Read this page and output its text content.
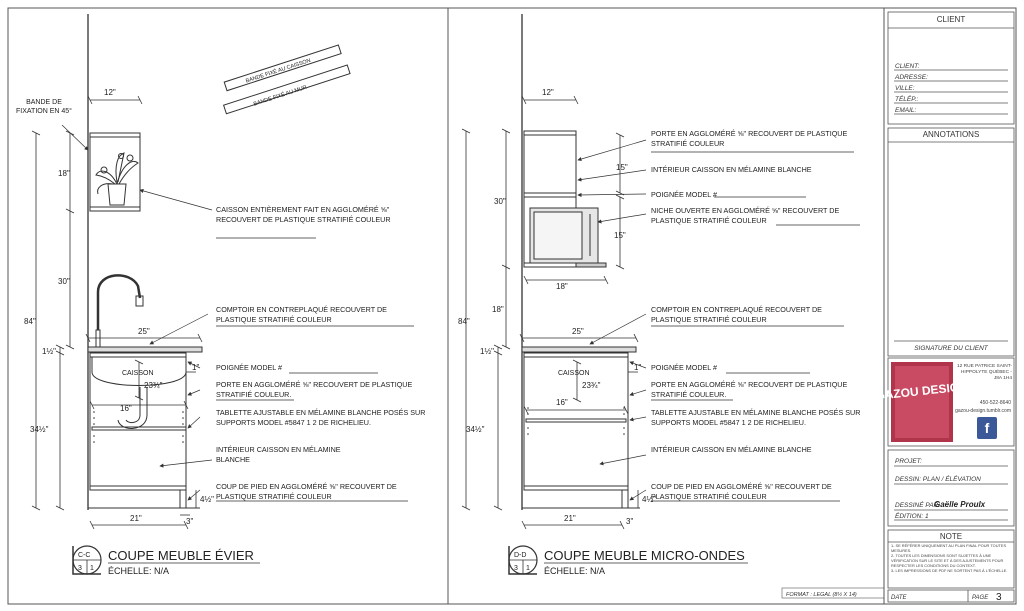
12"
18"
30"
84"
25"
1½"
34½"
23¾"
16"
21"	3"
4½"
1"
CAISSON
BANDE DE FIXATION EN 45°
CAISSON ENTIÈREMENT FAIT EN AGGLOMÉRÉ ⅝" RECOUVERT DE PLASTIQUE STRATIFIÉ COULEUR
COMPTOIR EN CONTREPLAQUÉ RECOUVERT DE PLASTIQUE STRATIFIÉ COULEUR
POIGNÉE MODEL #
PORTE EN AGGLOMÉRÉ ⅝" RECOUVERT DE PLASTIQUE STRATIFIÉ COULEUR.
TABLETTE AJUSTABLE EN MÉLAMINE BLANCHE POSÉS SUR SUPPORTS MODEL #5847 1 2 DE RICHELIEU.
INTÉRIEUR CAISSON EN MÉLAMINE BLANCHE
COUP DE PIED EN AGGLOMÉRÉ ⅝" RECOUVERT DE PLASTIQUE STRATIFIÉ COULEUR
BANDE FIXÉ AU CAISSON
BANDE FIXÉ AU MUR
C-C
3 1
COUPE MEUBLE ÉVIER
ÉCHELLE: N/A
12"
30"
15"
15"
18"
18"
84"
25"
1½"
34½"
23¾"
16"
21"	3"
4½"
1"
CAISSON
PORTE EN AGGLOMÉRÉ ⅝" RECOUVERT DE PLASTIQUE STRATIFIÉ COULEUR
INTÉRIEUR CAISSON EN MÉLAMINE BLANCHE
POIGNÉE MODEL #
NICHE OUVERTE EN AGGLOMÉRÉ ⅝" RECOUVERT DE PLASTIQUE STRATIFIÉ COULEUR
COMPTOIR EN CONTREPLAQUÉ RECOUVERT DE PLASTIQUE STRATIFIÉ COULEUR
POIGNÉE MODEL #
PORTE EN AGGLOMÉRÉ ⅝" RECOUVERT DE PLASTIQUE STRATIFIÉ COULEUR.
TABLETTE AJUSTABLE EN MÉLAMINE BLANCHE POSÉS SUR SUPPORTS MODEL #5847 1 2 DE RICHELIEU.
INTÉRIEUR CAISSON EN MÉLAMINE BLANCHE
COUP DE PIED EN AGGLOMÉRÉ ⅝" RECOUVERT DE PLASTIQUE STRATIFIÉ COULEUR
D-D
3 1
COUPE MEUBLE MICRO-ONDES
ÉCHELLE: N/A
FORMAT : LEGAL (8½ X 14)
CLIENT
CLIENT:
ADRESSE:
VILLE:
TÉLÉP.:
EMAIL:
ANNOTATIONS
SIGNATURE DU CLIENT
GAZOU DESIGN
12 RUE PATRICE SAINT-HIPPOLYTE QUÉBEC - J8A 1H4
450-522-8640
gazou-design.tumblr.com
f
PROJET:
DESSIN: PLAN / ÉLÉVATION
DESSINÉ PAR:
Gaëlle Proulx
ÉDITION: 1
NOTE
1- SE RÉFÉRER UNIQUEMENT AU PLAN FINAL POUR TOUTES MESURES.
2- TOUTES LES DIMENSIONS SONT SUJETTES À UNE VÉRIFICATION SUR LE SITE ET À DES AJUSTEMENTS POUR RESPECTER LES CONDITIONS DU CONTEXT.
3- LES IMPRESSIONS DE PDF NE SORTENT PAS À L'ÉCHELLE.
DATE	PAGE 3
